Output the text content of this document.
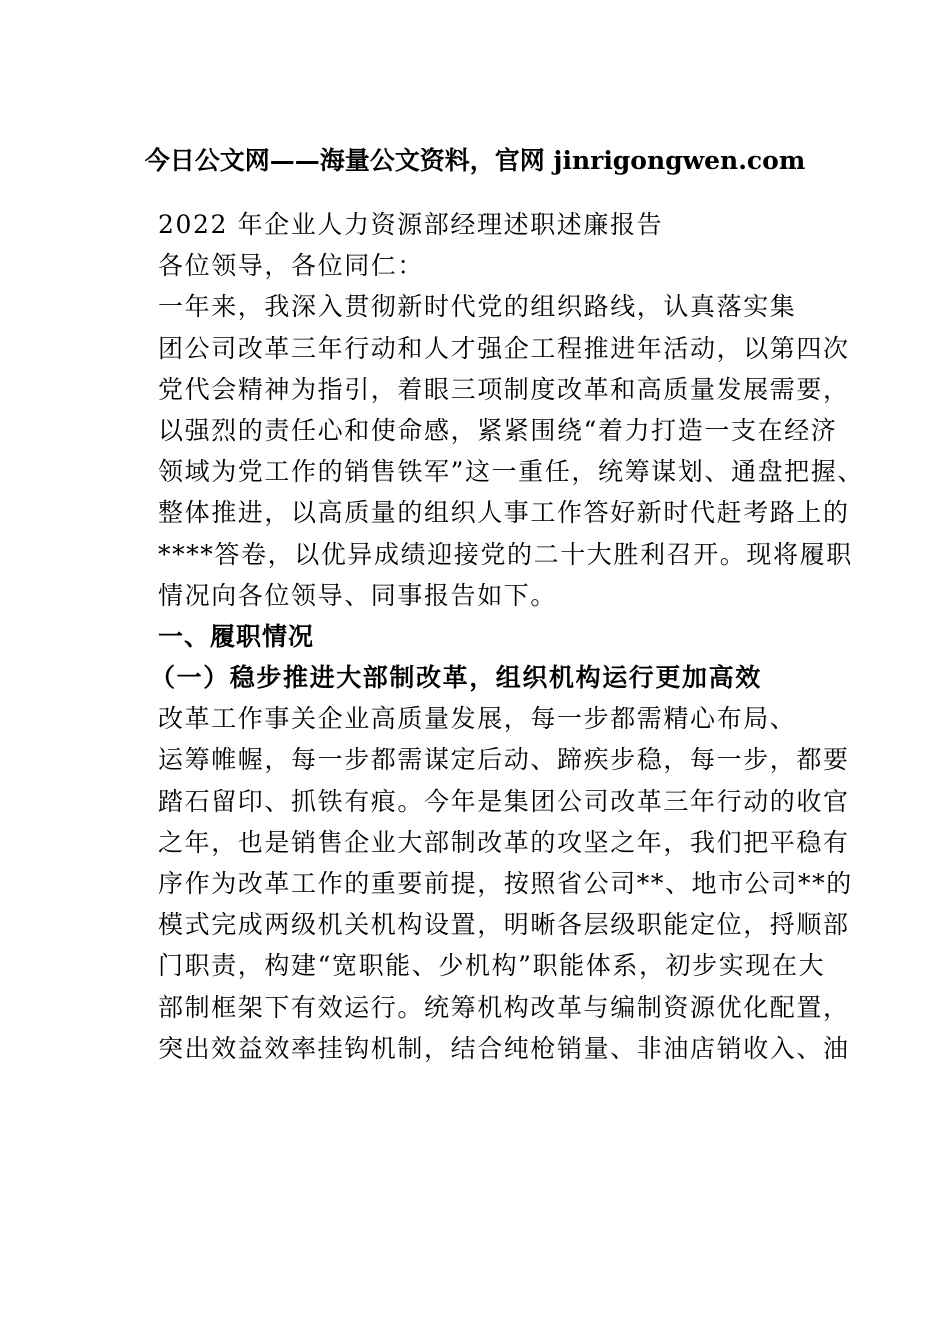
今日公文网——海量公文资料，官网 jinrigongwen.com
2022 年企业人力资源部经理述职述廉报告
各位领导，各位同仁：
一年来，我深入贯彻新时代党的组织路线，认真落实集
团公司改革三年行动和人才强企工程推进年活动，以第四次
党代会精神为指引，着眼三项制度改革和高质量发展需要，
以强烈的责任心和使命感，紧紧围绕“着力打造一支在经济
领域为党工作的销售铁军”这一重任，统筹谋划、通盘把握、
整体推进，以高质量的组织人事工作答好新时代赶考路上的
****答卷，以优异成绩迎接党的二十大胜利召开。现将履职
情况向各位领导、同事报告如下。
一、履职情况
（一）稳步推进大部制改革，组织机构运行更加高效
改革工作事关企业高质量发展，每一步都需精心布局、
运筹帷幄，每一步都需谋定后动、蹄疾步稳，每一步，都要
踏石留印、抓铁有痕。今年是集团公司改革三年行动的收官
之年，也是销售企业大部制改革的攻坚之年，我们把平稳有
序作为改革工作的重要前提，按照省公司**、地市公司**的
模式完成两级机关机构设置，明晰各层级职能定位，捋顺部
门职责，构建“宽职能、少机构”职能体系，初步实现在大
部制框架下有效运行。统筹机构改革与编制资源优化配置，
突出效益效率挂钩机制，结合纯枪销量、非油店销收入、油
